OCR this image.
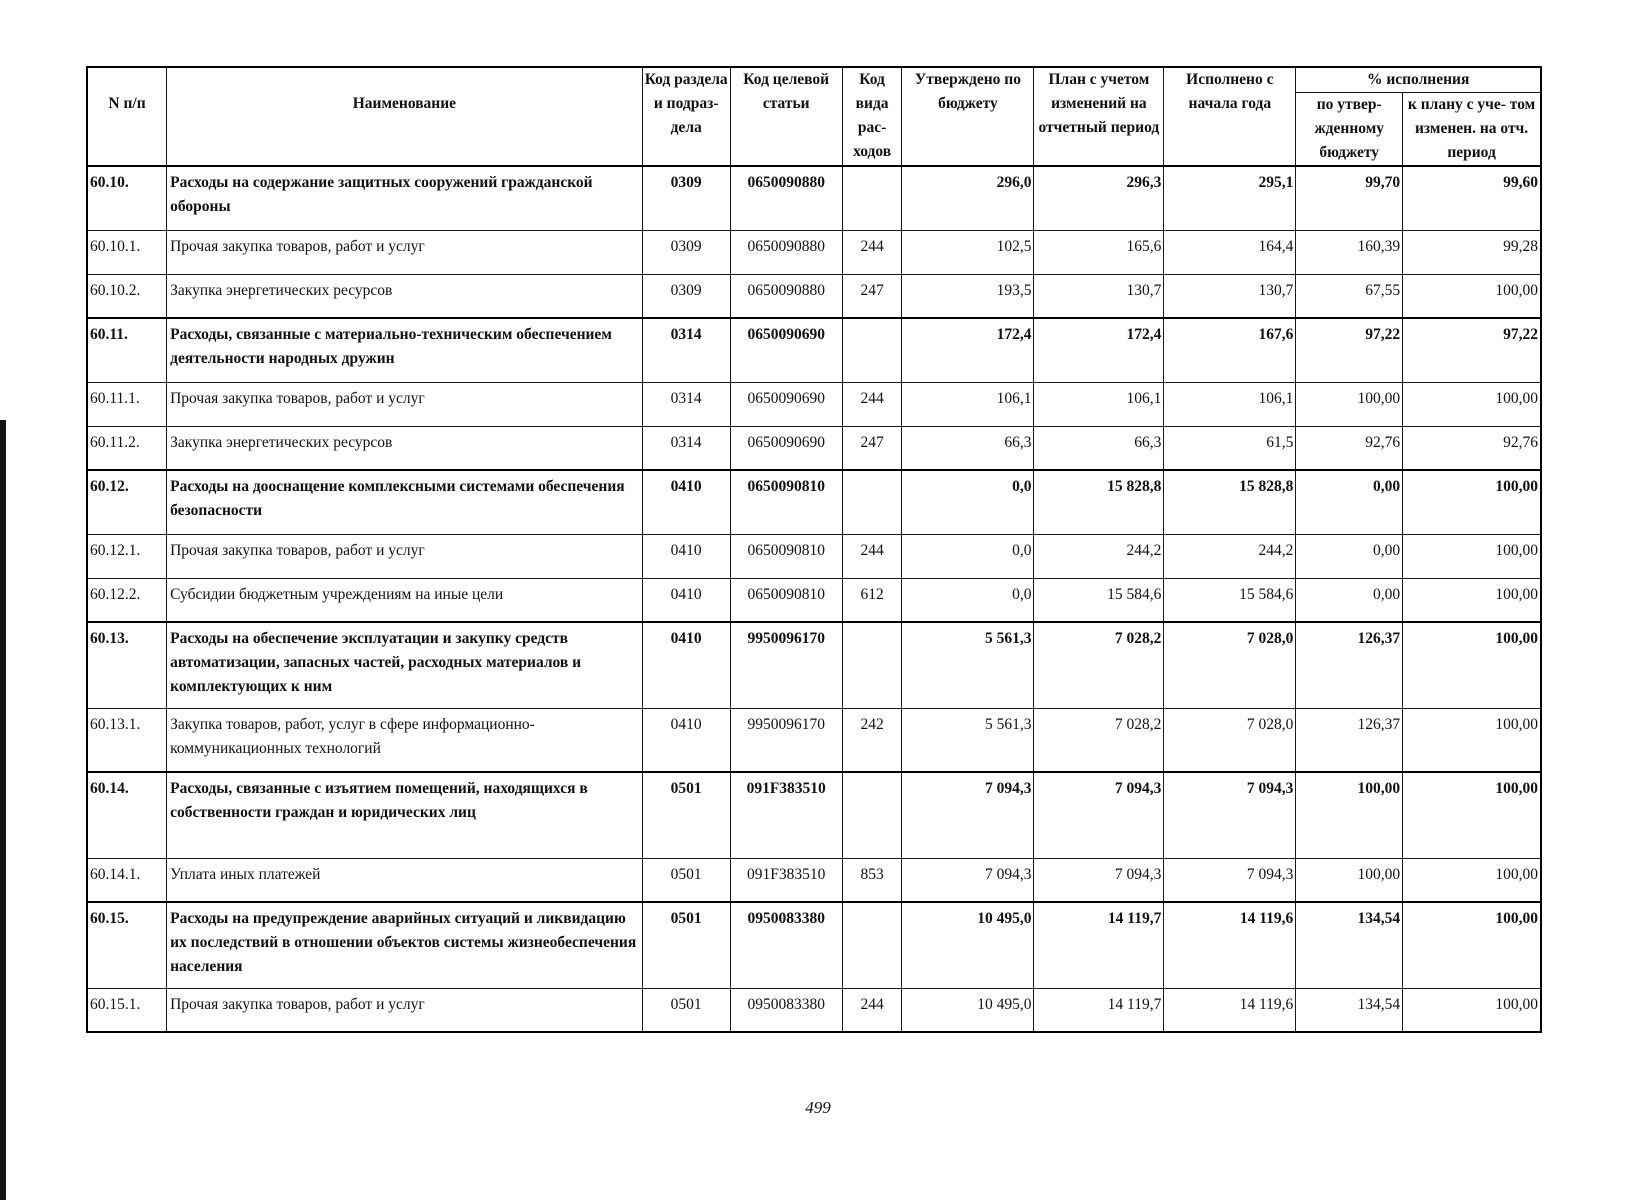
N п/п	Наименование	Код раздела и подраз- дела	Код целевой статьи	Код вида рас- ходов	Утверждено по бюджету	План с учетом изменений на отчетный период	Исполнено с начала года	% исполнения	
								по утвер- жденному бюджету	к плану с уче- том изменен. на отч. период
60.10.	Расходы на содержание защитных сооружений гражданской обороны	0309	0650090880		296,0	296,3	295,1	99,70	99,60
60.10.1.	Прочая закупка товаров, работ и услуг	0309	0650090880	244	102,5	165,6	164,4	160,39	99,28
60.10.2.	Закупка энергетических ресурсов	0309	0650090880	247	193,5	130,7	130,7	67,55	100,00
60.11.	Расходы, связанные с материально-техническим обеспечением деятельности народных дружин	0314	0650090690		172,4	172,4	167,6	97,22	97,22
60.11.1.	Прочая закупка товаров, работ и услуг	0314	0650090690	244	106,1	106,1	106,1	100,00	100,00
60.11.2.	Закупка энергетических ресурсов	0314	0650090690	247	66,3	66,3	61,5	92,76	92,76
60.12.	Расходы на дооснащение комплексными системами обеспечения безопасности	0410	0650090810		0,0	15 828,8	15 828,8	0,00	100,00
60.12.1.	Прочая закупка товаров, работ и услуг	0410	0650090810	244	0,0	244,2	244,2	0,00	100,00
60.12.2.	Субсидии бюджетным учреждениям на иные цели	0410	0650090810	612	0,0	15 584,6	15 584,6	0,00	100,00
60.13.	Расходы на обеспечение эксплуатации и закупку средств автоматизации, запасных частей, расходных материалов и комплектующих к ним	0410	9950096170		5 561,3	7 028,2	7 028,0	126,37	100,00
60.13.1.	Закупка товаров, работ, услуг в сфере информационно-коммуникационных технологий	0410	9950096170	242	5 561,3	7 028,2	7 028,0	126,37	100,00
60.14.	Расходы, связанные с изъятием помещений, находящихся в собственности граждан и юридических лиц	0501	091F383510		7 094,3	7 094,3	7 094,3	100,00	100,00
60.14.1.	Уплата иных платежей	0501	091F383510	853	7 094,3	7 094,3	7 094,3	100,00	100,00
60.15.	Расходы на предупреждение аварийных ситуаций и ликвидацию их последствий в отношении объектов системы жизнеобеспечения населения	0501	0950083380		10 495,0	14 119,7	14 119,6	134,54	100,00
60.15.1.	Прочая закупка товаров, работ и услуг	0501	0950083380	244	10 495,0	14 119,7	14 119,6	134,54	100,00
499
